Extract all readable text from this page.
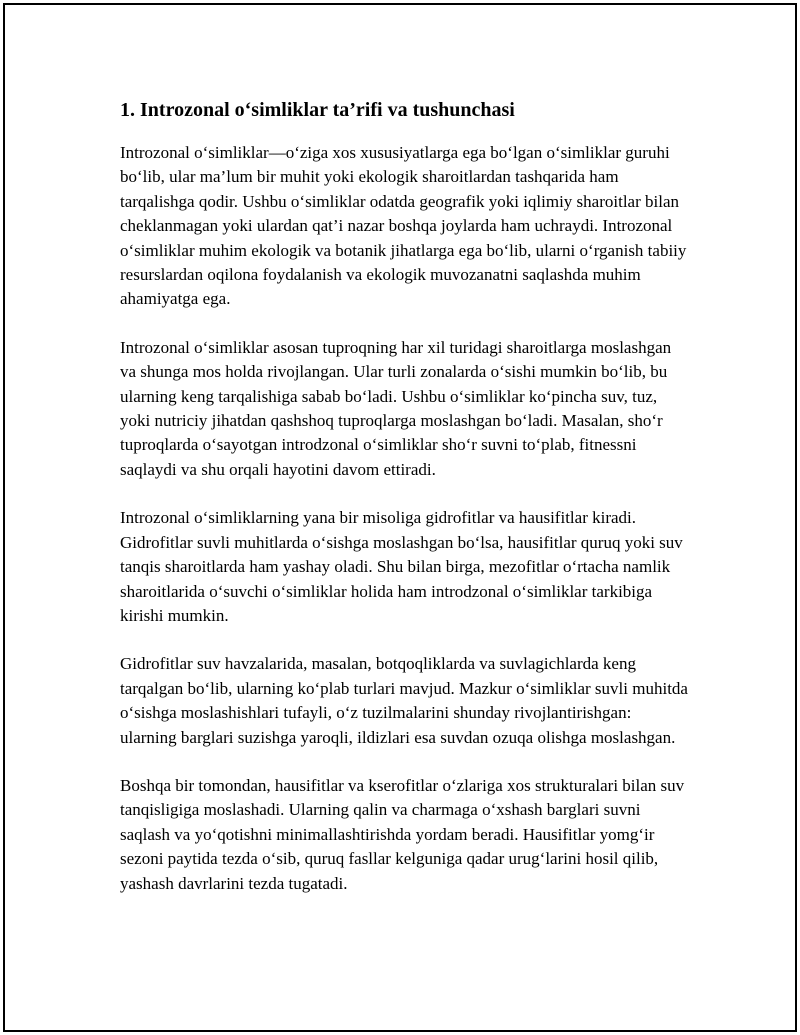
1. Introzonal oʻsimliklar ta’rifi va tushunchasi

Introzonal oʻsimliklar—oʻziga xos xususiyatlarga ega boʻlgan oʻsimliklar guruhi boʻlib, ular ma’lum bir muhit yoki ekologik sharoitlardan tashqarida ham tarqalishga qodir. Ushbu oʻsimliklar odatda geografik yoki iqlimiy sharoitlar bilan cheklanmagan yoki ulardan qat’i nazar boshqa joylarda ham uchraydi. Introzonal oʻsimliklar muhim ekologik va botanik jihatlarga ega boʻlib, ularni oʻrganish tabiiy resurslardan oqilona foydalanish va ekologik muvozanatni saqlashda muhim ahamiyatga ega.

Introzonal oʻsimliklar asosan tuproqning har xil turidagi sharoitlarga moslashgan va shunga mos holda rivojlangan. Ular turli zonalarda oʻsishi mumkin boʻlib, bu ularning keng tarqalishiga sabab boʻladi. Ushbu oʻsimliklar koʻpincha suv, tuz, yoki nutriciy jihatdan qashshoq tuproqlarga moslashgan boʻladi. Masalan, shoʻr tuproqlarda oʻsayotgan introdzonal oʻsimliklar shoʻr suvni toʻplab, fitnessni saqlaydi va shu orqali hayotini davom ettiradi.

Introzonal oʻsimliklarning yana bir misoliga gidrofitlar va hausifitlar kiradi. Gidrofitlar suvli muhitlarda oʻsishga moslashgan boʻlsa, hausifitlar quruq yoki suv tanqis sharoitlarda ham yashay oladi. Shu bilan birga, mezofitlar oʻrtacha namlik sharoitlarida oʻsuvchi oʻsimliklar holida ham introdzonal oʻsimliklar tarkibiga kirishi mumkin.

Gidrofitlar suv havzalarida, masalan, botqoqliklarda va suvlagichlarda keng tarqalgan boʻlib, ularning koʻplab turlari mavjud. Mazkur oʻsimliklar suvli muhitda oʻsishga moslashishlari tufayli, oʻz tuzilmalarini shunday rivojlantirishgan: ularning barglari suzishga yaroqli, ildizlari esa suvdan ozuqa olishga moslashgan.

Boshqa bir tomondan, hausifitlar va kserofitlar oʻzlariga xos strukturalari bilan suv tanqisligiga moslashadi. Ularning qalin va charmaga oʻxshash barglari suvni saqlash va yoʻqotishni minimallashtirishda yordam beradi. Hausifitlar yomgʻir sezoni paytida tezda oʻsib, quruq fasllar kelguniga qadar urugʻlarini hosil qilib, yashash davrlarini tezda tugatadi.
